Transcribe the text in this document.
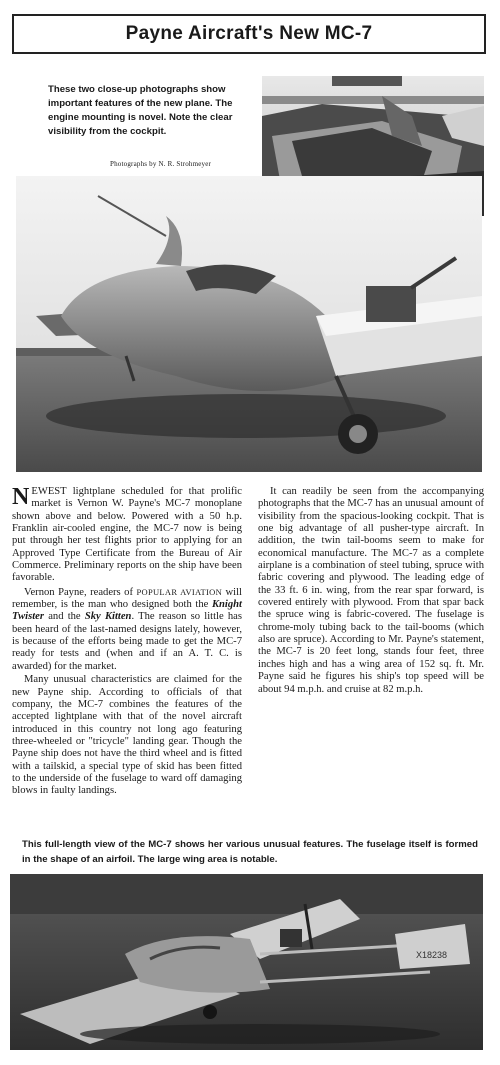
Payne Aircraft's New MC-7
These two close-up photographs show important features of the new plane. The engine mounting is novel. Note the clear visibility from the cockpit.
Photographs by N. R. Strohmeyer

NEWEST lightplane scheduled for that prolific market is Vernon W. Payne's MC-7 monoplane shown above and below. Powered with a 50 h.p. Franklin air-cooled engine, the MC-7 now is being put through her test flights prior to applying for an Approved Type Certificate from the Bureau of Air Commerce. Preliminary reports on the ship have been favorable.

Vernon Payne, readers of POPULAR AVIATION will remember, is the man who designed both the Knight Twister and the Sky Kitten. The reason so little has been heard of the last-named designs lately, however, is because of the efforts being made to get the MC-7 ready for tests and (when and if an A. T. C. is awarded) for the market.

Many unusual characteristics are claimed for the new Payne ship. According to officials of that company, the MC-7 combines the features of the accepted lightplane with that of the novel aircraft introduced in this country not long ago featuring three-wheeled or "tricycle" landing gear. Though the Payne ship does not have the third wheel and is fitted with a tailskid, a special type of skid has been fitted to the underside of the fuselage to ward off damaging blows in faulty landings.

It can readily be seen from the accompanying photographs that the MC-7 has an unusual amount of visibility from the spacious-looking cockpit. That is one big advantage of all pusher-type aircraft. In addition, the twin tail-booms seem to make for economical manufacture. The MC-7 as a complete airplane is a combination of steel tubing, spruce with fabric covering and plywood. The leading edge of the 33 ft. 6 in. wing, from the rear spar forward, is covered entirely with plywood. From that spar back the spruce wing is fabric-covered. The fuselage is chrome-moly tubing back to the tail-booms (which also are spruce). According to Mr. Payne's statement, the MC-7 is 20 feet long, stands four feet, three inches high and has a wing area of 152 sq. ft. Mr. Payne said he figures his ship's top speed will be about 94 m.p.h. and cruise at 82 m.p.h.

This full-length view of the MC-7 shows her various unusual features. The fuselage itself is formed in the shape of an airfoil. The large wing area is notable.
X18238
